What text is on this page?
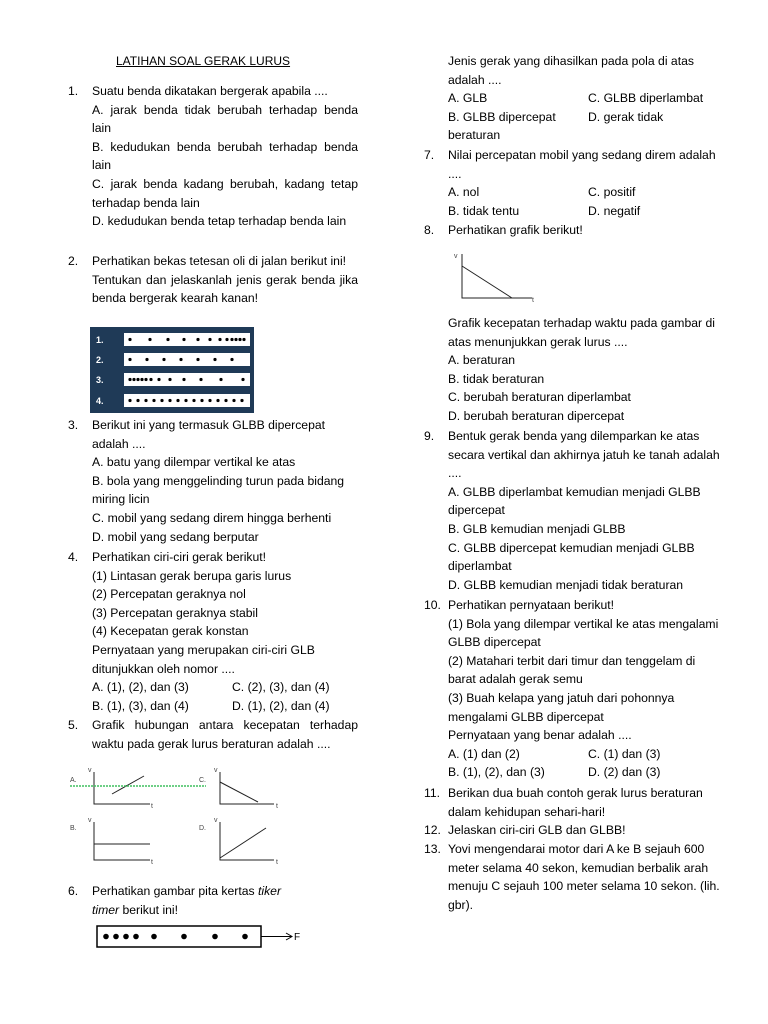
LATIHAN SOAL GERAK LURUS
1.	Suatu benda dikatakan bergerak apabila ....

A. jarak benda tidak berubah terhadap benda lain

B. kedudukan benda berubah terhadap benda lain

C. jarak benda kadang berubah, kadang tetap terhadap benda lain

D. kedudukan benda tetap terhadap benda lain

2.	Perhatikan bekas tetesan oli di jalan berikut ini!

Tentukan dan jelaskanlah jenis gerak benda jika benda bergerak kearah kanan!

1.
2.
3.
4.
3.	Berikut ini yang termasuk GLBB dipercepat adalah ....

A. batu yang dilempar vertikal ke atas

B. bola yang menggelinding turun pada bidang miring licin

C. mobil yang sedang direm hingga berhenti

D. mobil yang sedang berputar

4.	Perhatikan ciri-ciri gerak berikut!

(1) Lintasan gerak berupa garis lurus

(2) Percepatan geraknya nol

(3) Percepatan geraknya stabil

(4) Kecepatan gerak konstan

Pernyataan yang merupakan ciri-ciri GLB ditunjukkan oleh nomor ....

A. (1), (2), dan (3)	C. (2), (3), dan (4)
B. (1), (3), dan (4)	D. (1), (2), dan (4)
5.	Grafik hubungan antara kecepatan terhadap waktu pada gerak lurus beraturan adalah ....

A.
v
t
C.
v
t
B.
v
t
D.
v
t
6.	Perhatikan gambar pita kertas tiker
timer berikut ini!

F

Jenis gerak yang dihasilkan pada pola di atas adalah ....

A. GLB	C. GLBB diperlambat
B. GLBB dipercepat	D. gerak tidak
beraturan
7.	Nilai percepatan mobil yang sedang direm adalah ....

A. nol	C. positif
B. tidak tentu	D. negatif
8.	Perhatikan grafik berikut!

v
t

Grafik kecepatan terhadap waktu pada gambar di atas menunjukkan gerak lurus ....

A. beraturan

B. tidak beraturan

C. berubah beraturan diperlambat

D. berubah beraturan dipercepat

9.	Bentuk gerak benda yang dilemparkan ke atas secara vertikal dan akhirnya jatuh ke tanah adalah ....

A. GLBB diperlambat kemudian menjadi GLBB dipercepat

B. GLB kemudian menjadi GLBB

C. GLBB dipercepat kemudian menjadi GLBB diperlambat

D. GLBB kemudian menjadi tidak beraturan

10. Perhatikan pernyataan berikut!

(1) Bola yang dilempar vertikal ke atas mengalami GLBB dipercepat

(2) Matahari terbit dari timur dan tenggelam di barat adalah gerak semu

(3) Buah kelapa yang jatuh dari pohonnya mengalami GLBB dipercepat

Pernyataan yang benar adalah ....

A. (1) dan (2)	C. (1) dan (3)
B. (1), (2), dan (3)	D. (2) dan (3)
11. Berikan dua buah contoh gerak lurus beraturan dalam kehidupan sehari-hari!

12. Jelaskan ciri-ciri GLB dan GLBB!

13. Yovi mengendarai motor dari A ke B sejauh 600 meter selama 40 sekon, kemudian berbalik arah menuju C sejauh 100 meter selama 10 sekon. (lih. gbr).
